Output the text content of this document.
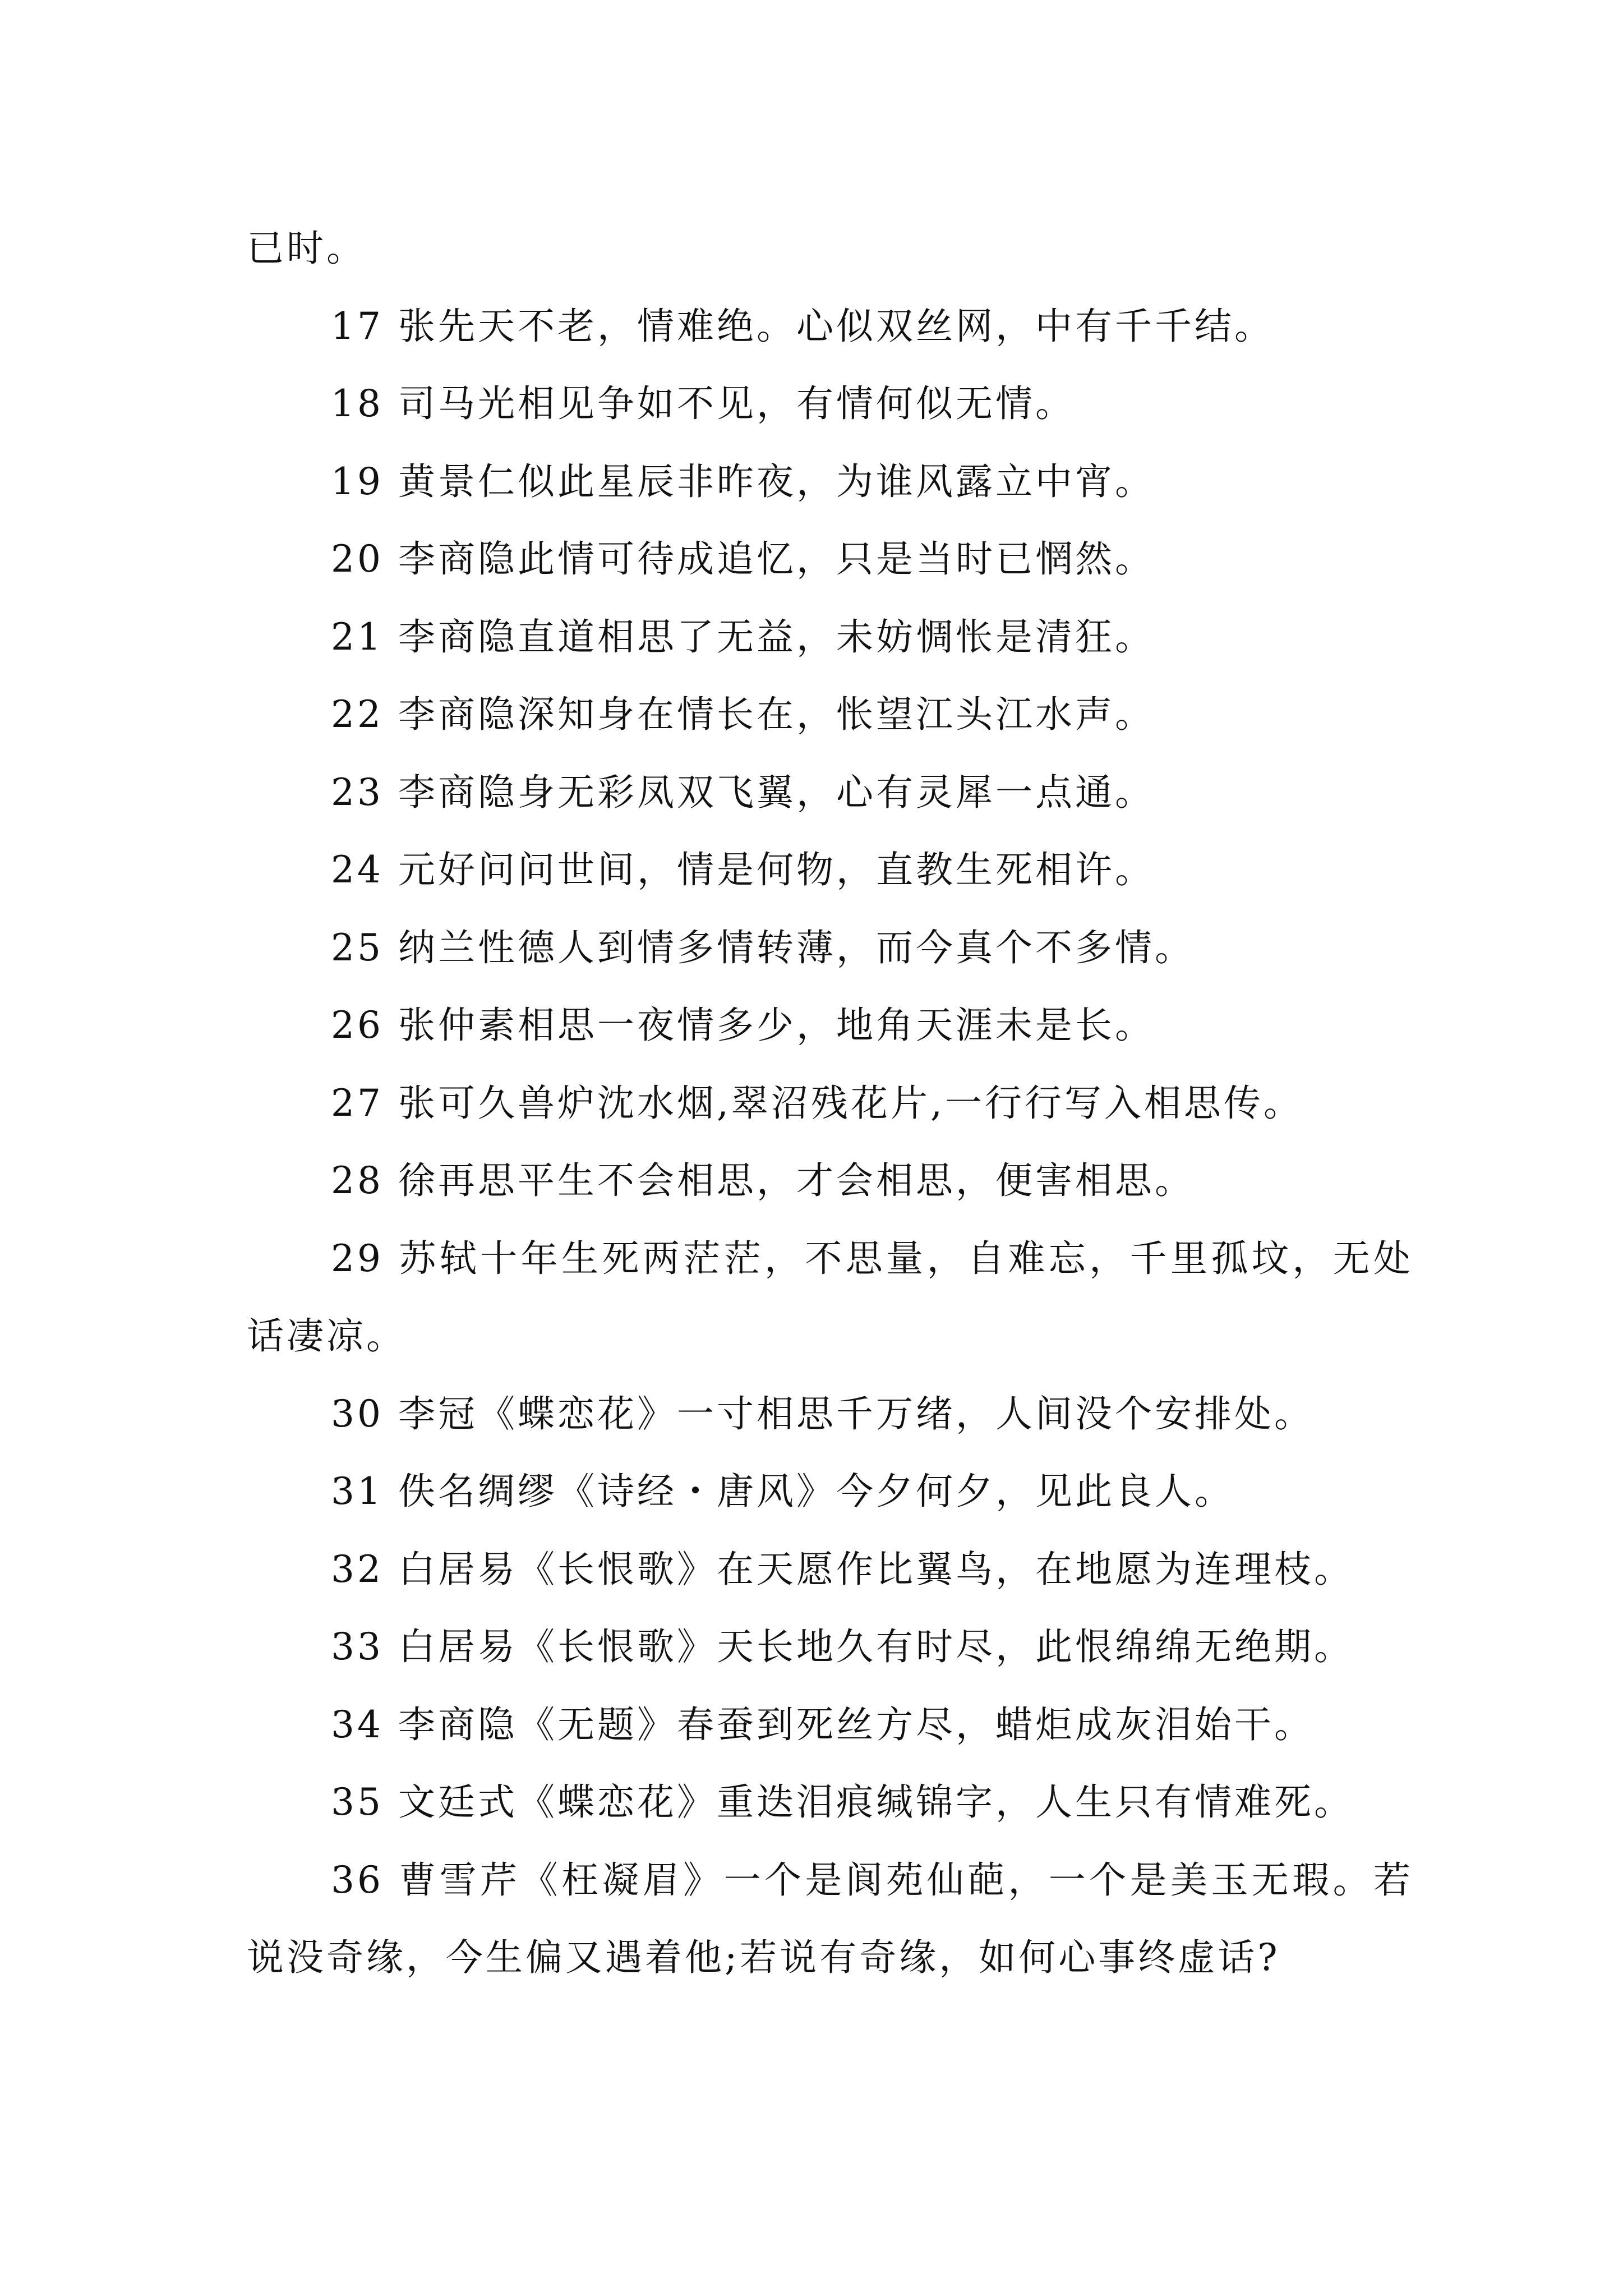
已时。

17 张先天不老，情难绝。心似双丝网，中有千千结。

18 司马光相见争如不见，有情何似无情。

19 黄景仁似此星辰非昨夜，为谁风露立中宵。

20 李商隐此情可待成追忆，只是当时已惘然。

21 李商隐直道相思了无益，未妨惆怅是清狂。

22 李商隐深知身在情长在，怅望江头江水声。

23 李商隐身无彩凤双飞翼，心有灵犀一点通。

24 元好问问世间，情是何物，直教生死相许。

25 纳兰性德人到情多情转薄，而今真个不多情。

26 张仲素相思一夜情多少，地角天涯未是长。

27 张可久兽炉沈水烟,翠沼残花片,一行行写入相思传。

28 徐再思平生不会相思，才会相思，便害相思。

29 苏轼十年生死两茫茫，不思量，自难忘，千里孤坟，无处话凄凉。

30 李冠《蝶恋花》一寸相思千万绪，人间没个安排处。

31 佚名绸缪《诗经・唐风》今夕何夕，见此良人。

32 白居易《长恨歌》在天愿作比翼鸟，在地愿为连理枝。

33 白居易《长恨歌》天长地久有时尽，此恨绵绵无绝期。

34 李商隐《无题》春蚕到死丝方尽，蜡炬成灰泪始干。

35 文廷式《蝶恋花》重迭泪痕缄锦字，人生只有情难死。

36 曹雪芹《枉凝眉》一个是阆苑仙葩，一个是美玉无瑕。若说没奇缘，今生偏又遇着他;若说有奇缘，如何心事终虚话?
